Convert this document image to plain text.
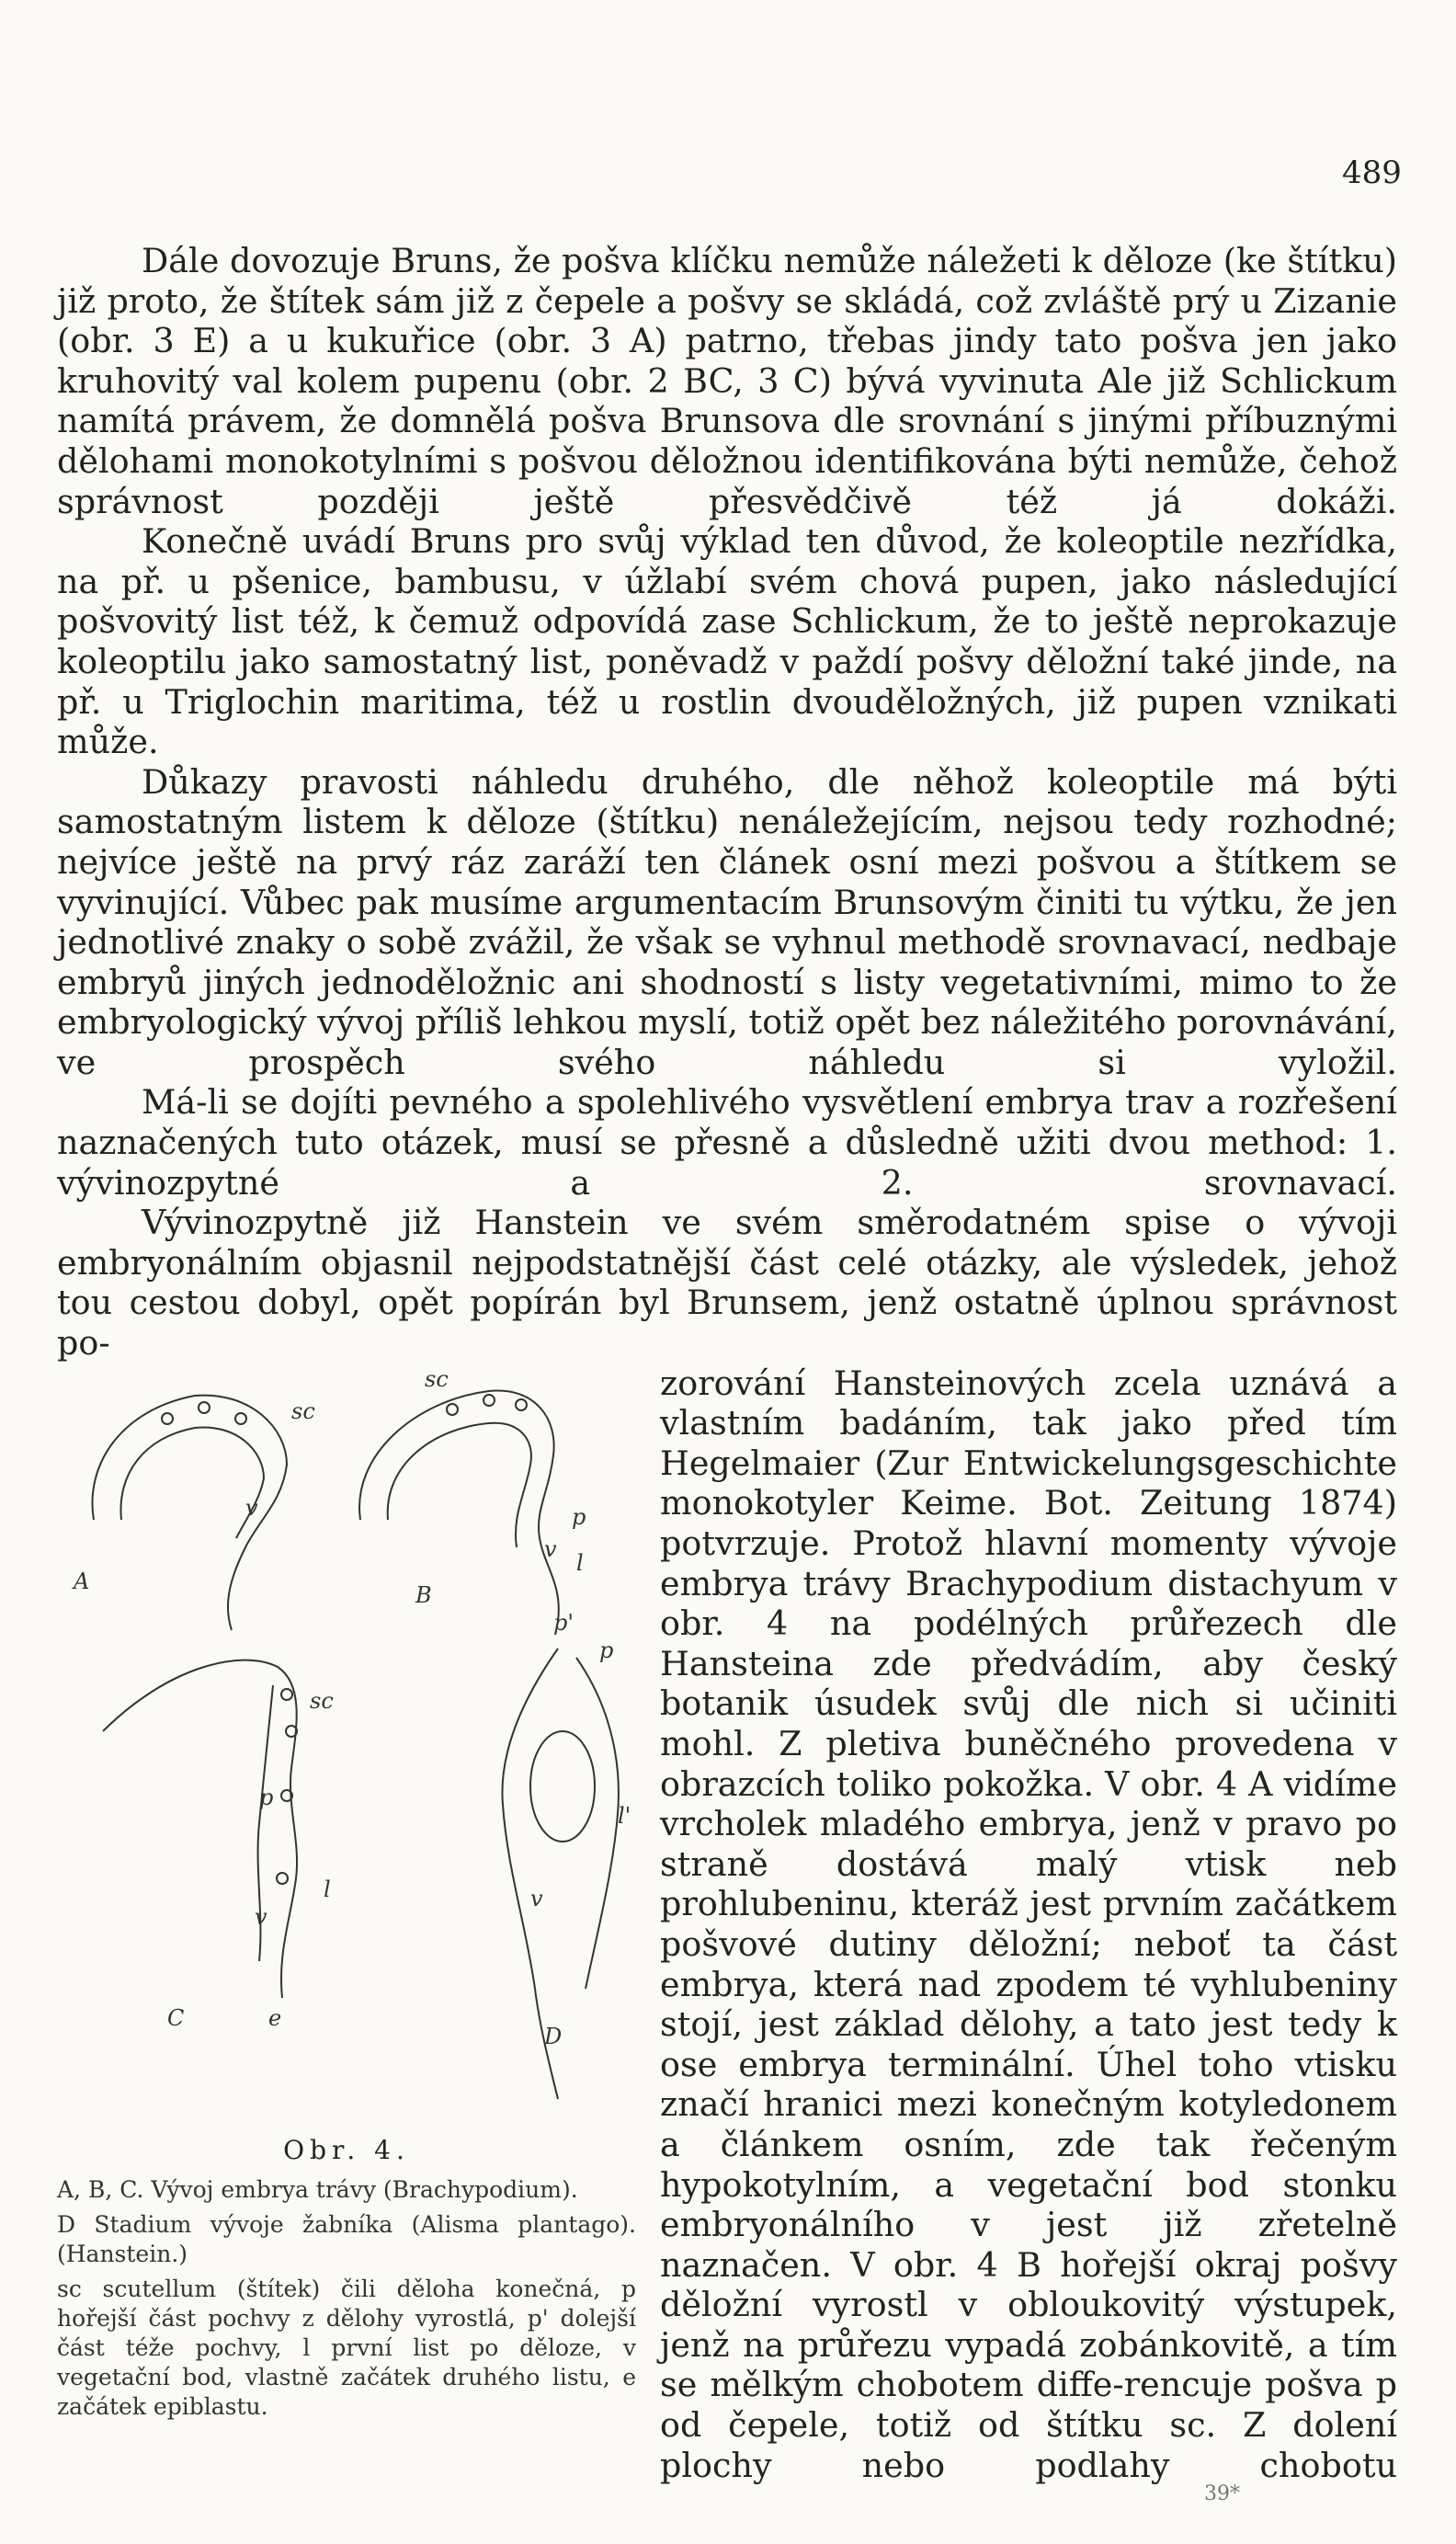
489

Dále dovozuje Bruns, že pošva klíčku nemůže náležeti k děloze (ke štítku) již proto, že štítek sám již z čepele a pošvy se skládá, což zvláště prý u Zizanie (obr. 3 E) a u kukuřice (obr. 3 A) patrno, třebas jindy tato pošva jen jako kruhovitý val kolem pupenu (obr. 2 BC, 3 C) bývá vyvinuta Ale již Schlickum namítá právem, že domnělá pošva Brunsova dle srovnání s jinými příbuznými dělohami monokotylními s pošvou děložnou identifikována býti nemůže, čehož správnost později ještě přesvědčivě též já dokáži.

Konečně uvádí Bruns pro svůj výklad ten důvod, že koleoptile nezřídka, na př. u pšenice, bambusu, v úžlabí svém chová pupen, jako následující pošvovitý list též, k čemuž odpovídá zase Schlickum, že to ještě neprokazuje koleoptilu jako samostatný list, poněvadž v paždí pošvy děložní také jinde, na př. u Triglochin maritima, též u rostlin dvouděložných, již pupen vznikati může.

Důkazy pravosti náhledu druhého, dle něhož koleoptile má býti samostatným listem k děloze (štítku) nenáležejícím, nejsou tedy rozhodné; nejvíce ještě na prvý ráz zaráží ten článek osní mezi pošvou a štítkem se vyvinující. Vůbec pak musíme argumentacím Brunsovým činiti tu výtku, že jen jednotlivé znaky o sobě zvážil, že však se vyhnul methodě srovnavací, nedbaje embryů jiných jednoděložnic ani shodností s listy vegetativními, mimo to že embryologický vývoj příliš lehkou myslí, totiž opět bez náležitého porovnávání, ve prospěch svého náhledu si vyložil.

Má-li se dojíti pevného a spolehlivého vysvětlení embrya trav a rozřešení naznačených tuto otázek, musí se přesně a důsledně užiti dvou method: 1. vývinozpytné a 2. srovnavací.

Vývinozpytně již Hanstein ve svém směrodatném spise o vývoji embryonálním objasnil nejpodstatnější část celé otázky, ale výsledek, jehož tou cestou dobyl, opět popírán byl Brunsem, jenž ostatně úplnou správnost po-

A
sc
v
B
sc
p
l
v
p'
C
sc
p
l
v
e
p
l'
v
D
Obr. 4.

A, B, C. Vývoj embrya trávy (Brachypodium).

D Stadium vývoje žabníka (Alisma plantago). (Hanstein.)

sc scutellum (štítek) čili děloha konečná, p hořejší část pochvy z dělohy vyrostlá, p' dolejší část téže pochvy, l první list po děloze, v vegetační bod, vlastně začátek druhého listu, e začátek epiblastu.

zorování Hansteinových zcela uznává a vlastním badáním, tak jako před tím Hegelmaier (Zur Entwickelungsgeschichte monokotyler Keime. Bot. Zeitung 1874) potvrzuje. Protož hlavní momenty vývoje embrya trávy Brachypodium distachyum v obr. 4 na podélných průřezech dle Hansteina zde předvádím, aby český botanik úsudek svůj dle nich si učiniti mohl. Z pletiva buněčného provedena v obrazcích toliko pokožka. V obr. 4 A vidíme vrcholek mladého embrya, jenž v pravo po straně dostává malý vtisk neb prohlubeninu, kteráž jest prvním začátkem pošvové dutiny děložní; neboť ta část embrya, která nad zpodem té vyhlubeniny stojí, jest základ dělohy, a tato jest tedy k ose embrya terminální. Úhel toho vtisku značí hranici mezi konečným kotyledonem a článkem osním, zde tak řečeným hypokotylním, a vegetační bod stonku embryonálního v jest již zřetelně naznačen. V obr. 4 B hořejší okraj pošvy děložní vyrostl v obloukovitý výstupek, jenž na průřezu vypadá zobánkovitě, a tím se mělkým chobotem diffe-rencuje pošva p od čepele, totiž od štítku sc. Z dolení plochy nebo podlahy chobotu

39*
